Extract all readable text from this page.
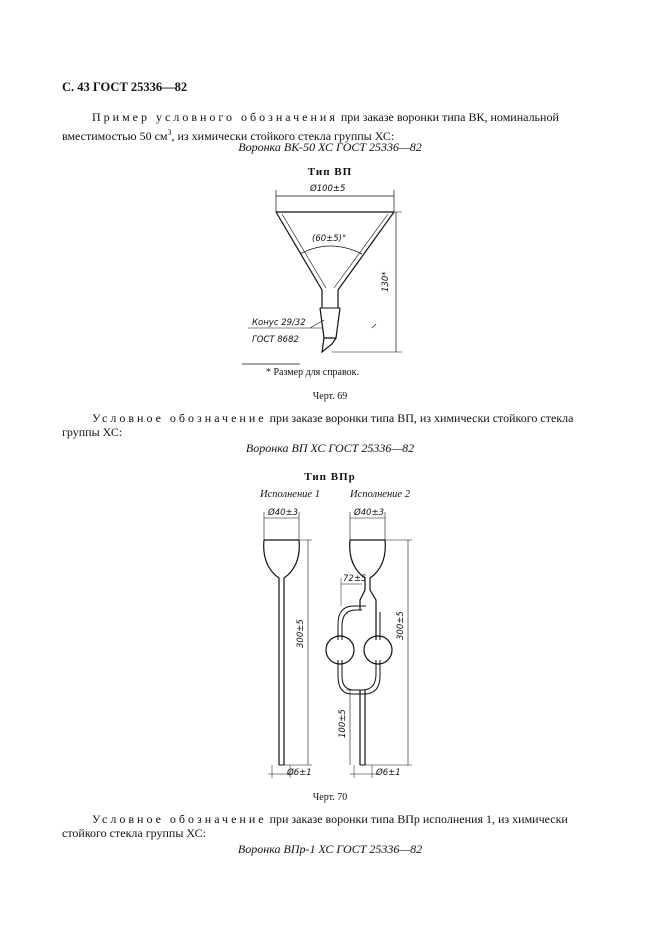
С. 43 ГОСТ 25336—82
Пример условного обозначения при заказе воронки типа ВК, номинальной
вместимостью 50 $см^3$, из химически стойкого стекла группы ХС:
Воронка ВК-50 ХС ГОСТ 25336—82
Тип ВП
Ø100±5
(60±5)°
130*
Конус 29/32
ГОСТ 8682
* Размер для справок.
Черт. 69
Условное обозначение при заказе воронки типа ВП, из химически стойкого стекла
группы ХС:
Воронка ВП ХС ГОСТ 25336—82
Тип ВПр
Исполнение 1	Исполнение 2
Ø40±3	Ø40±3
300±5	300±5
72±5
100±5
Ø6±1	Ø6±1
Черт. 70
Условное обозначение при заказе воронки типа ВПр исполнения 1, из химически
стойкого стекла группы ХС:
Воронка ВПр-1 ХС ГОСТ 25336—82
